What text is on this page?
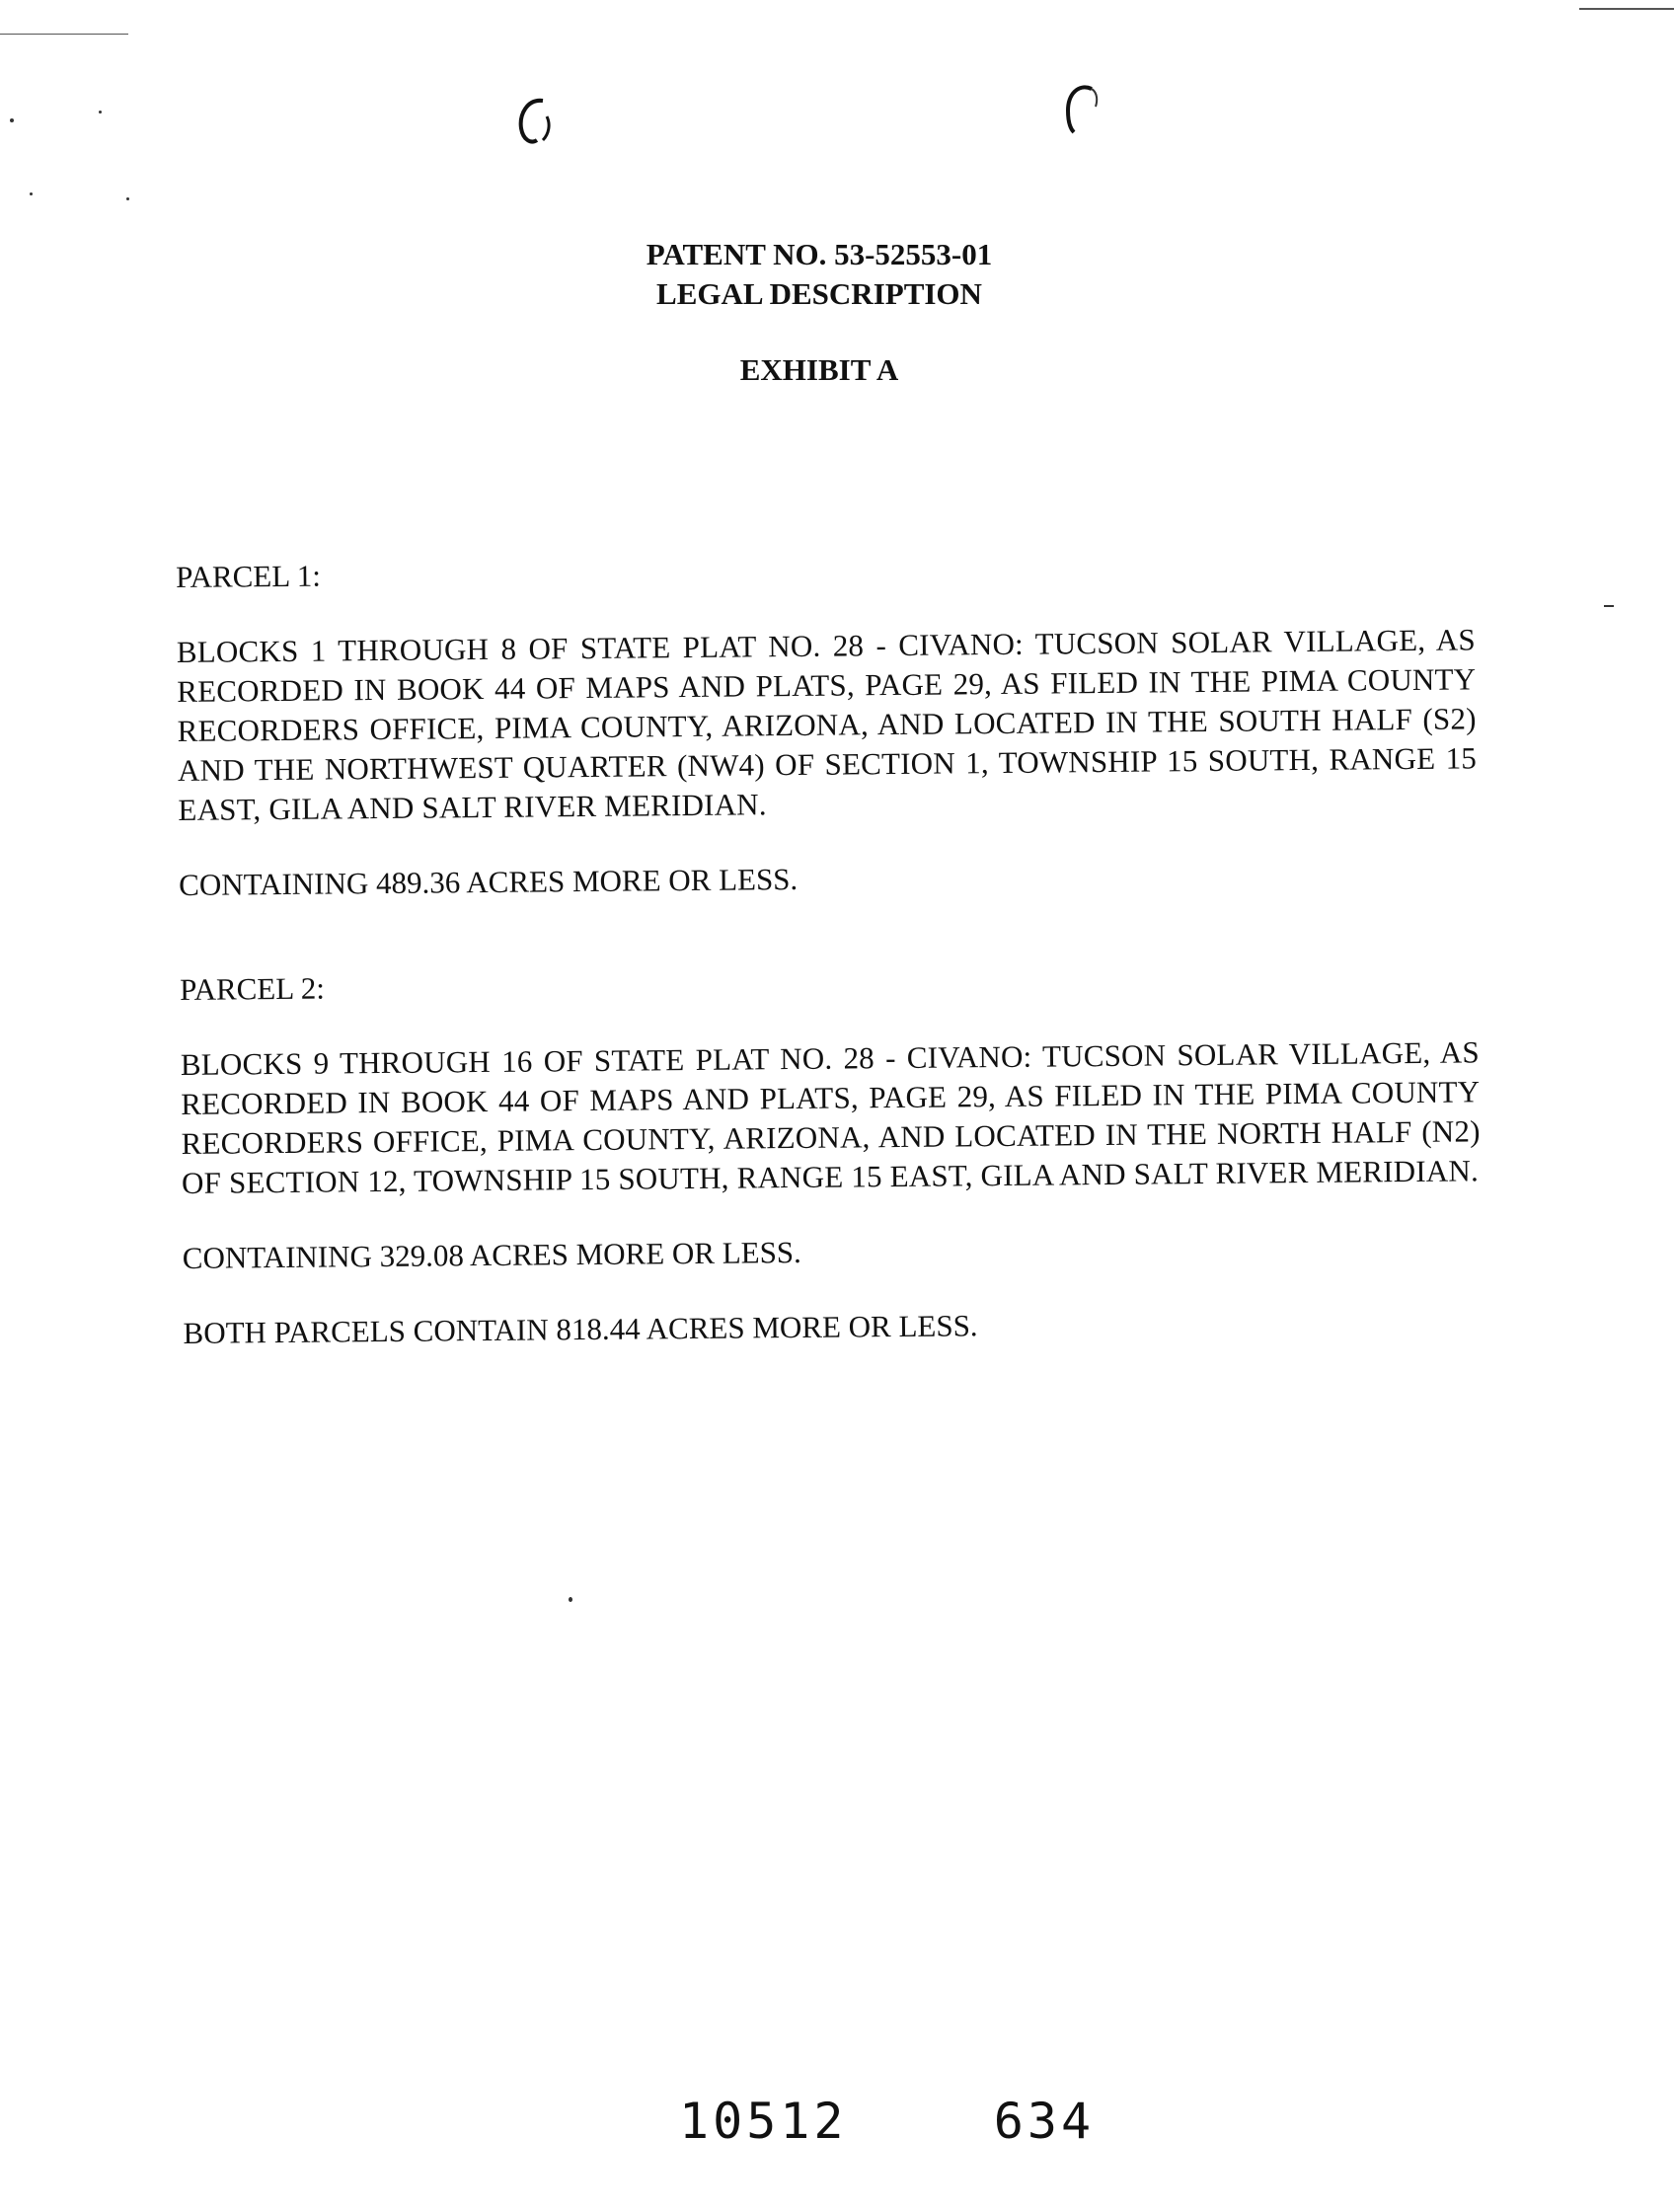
PATENT NO. 53-52553-01
LEGAL DESCRIPTION
EXHIBIT A

PARCEL 1:

BLOCKS 1 THROUGH 8 OF STATE PLAT NO. 28 - CIVANO: TUCSON SOLAR VILLAGE, AS RECORDED IN BOOK 44 OF MAPS AND PLATS, PAGE 29, AS FILED IN THE PIMA COUNTY RECORDERS OFFICE, PIMA COUNTY, ARIZONA, AND LOCATED IN THE SOUTH HALF (S2) AND THE NORTHWEST QUARTER (NW4) OF SECTION 1, TOWNSHIP 15 SOUTH, RANGE 15 EAST, GILA AND SALT RIVER MERIDIAN.

CONTAINING 489.36 ACRES MORE OR LESS.

PARCEL 2:

BLOCKS 9 THROUGH 16 OF STATE PLAT NO. 28 - CIVANO: TUCSON SOLAR VILLAGE, AS RECORDED IN BOOK 44 OF MAPS AND PLATS, PAGE 29, AS FILED IN THE PIMA COUNTY RECORDERS OFFICE, PIMA COUNTY, ARIZONA, AND LOCATED IN THE NORTH HALF (N2) OF SECTION 12, TOWNSHIP 15 SOUTH, RANGE 15 EAST, GILA AND SALT RIVER MERIDIAN.

CONTAINING 329.08 ACRES MORE OR LESS.

BOTH PARCELS CONTAIN 818.44 ACRES MORE OR LESS.

10512	634
